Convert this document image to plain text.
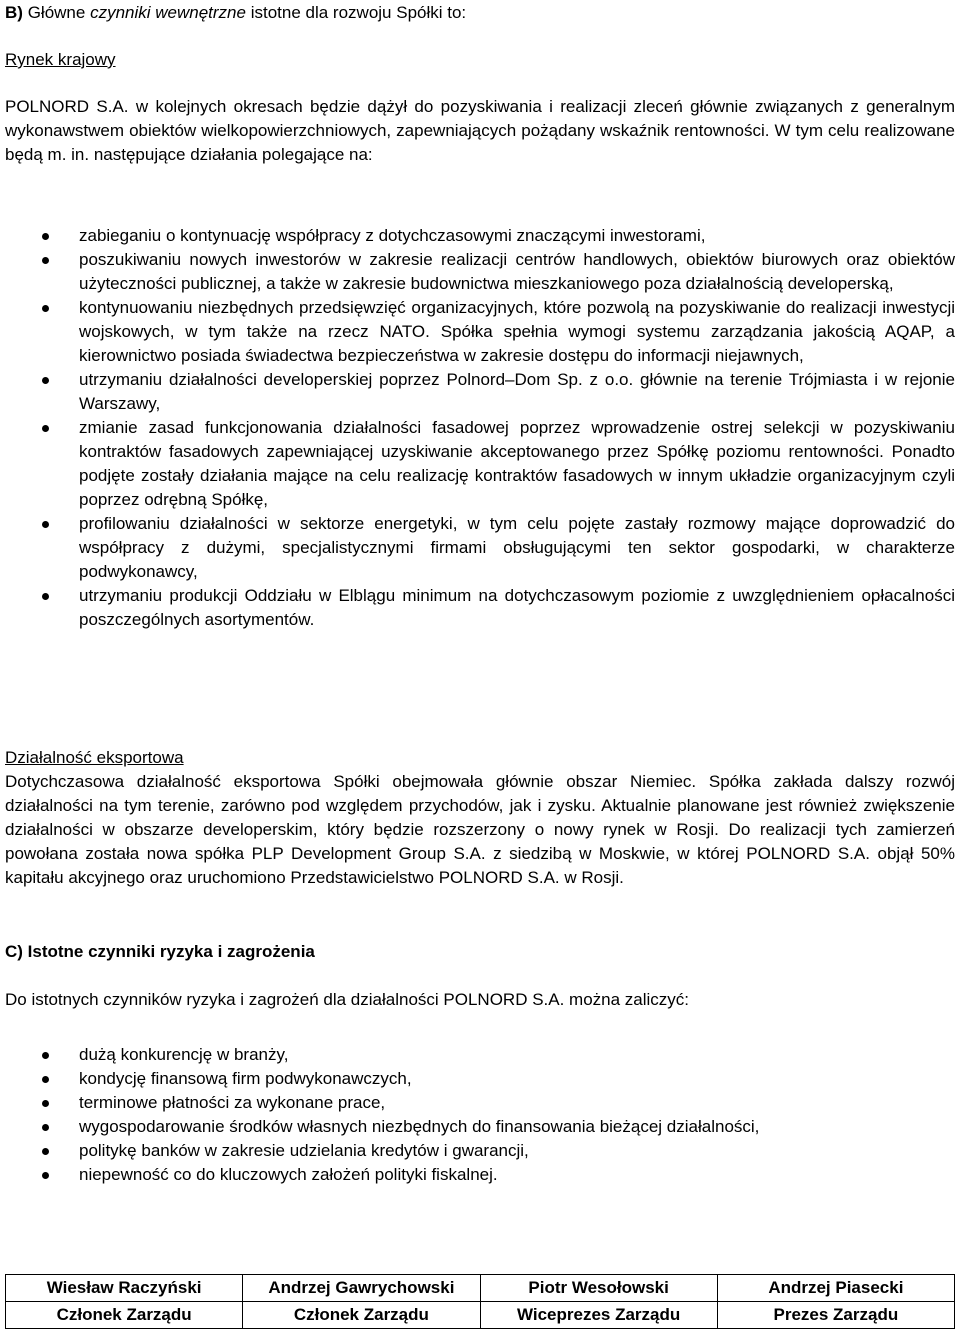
B) Główne czynniki wewnętrzne istotne dla rozwoju Spółki to:

Rynek krajowy

POLNORD S.A. w kolejnych okresach będzie dążył do pozyskiwania i realizacji zleceń głównie związanych z generalnym wykonawstwem obiektów wielkopowierzchniowych, zapewniających pożądany wskaźnik rentowności. W tym celu realizowane będą m. in. następujące działania polegające na:

zabieganiu o kontynuację współpracy z dotychczasowymi znaczącymi inwestorami,
poszukiwaniu nowych inwestorów w zakresie realizacji centrów handlowych, obiektów biurowych oraz obiektów użyteczności publicznej, a także w zakresie budownictwa mieszkaniowego poza działalnością developerską,
kontynuowaniu niezbędnych przedsięwzięć organizacyjnych, które pozwolą na pozyskiwanie do realizacji inwestycji wojskowych, w tym także na rzecz NATO. Spółka spełnia wymogi systemu zarządzania jakością AQAP, a kierownictwo posiada świadectwa bezpieczeństwa w zakresie dostępu do informacji niejawnych,
utrzymaniu działalności developerskiej poprzez Polnord–Dom Sp. z o.o. głównie na terenie Trójmiasta i w rejonie Warszawy,
zmianie zasad funkcjonowania działalności fasadowej poprzez wprowadzenie ostrej selekcji w pozyskiwaniu kontraktów fasadowych zapewniającej uzyskiwanie akceptowanego przez Spółkę poziomu rentowności. Ponadto podjęte zostały działania mające na celu realizację kontraktów fasadowych w innym układzie organizacyjnym czyli poprzez odrębną Spółkę,
profilowaniu działalności w sektorze energetyki, w tym celu pojęte zastały rozmowy mające doprowadzić do współpracy z dużymi, specjalistycznymi firmami obsługującymi ten sektor gospodarki, w charakterze podwykonawcy,
utrzymaniu produkcji Oddziału w Elblągu minimum na dotychczasowym poziomie z uwzględnieniem opłacalności poszczególnych asortymentów.

Działalność eksportowa

Dotychczasowa działalność eksportowa Spółki obejmowała głównie obszar Niemiec. Spółka zakłada dalszy rozwój działalności na tym terenie, zarówno pod względem przychodów, jak i zysku. Aktualnie planowane jest również zwiększenie działalności w obszarze developerskim, który będzie rozszerzony o nowy rynek w Rosji. Do realizacji tych zamierzeń powołana została nowa spółka PLP Development Group S.A. z siedzibą w Moskwie, w której POLNORD S.A. objął 50% kapitału akcyjnego oraz uruchomiono Przedstawicielstwo POLNORD S.A. w Rosji.

C) Istotne czynniki ryzyka i zagrożenia

Do istotnych czynników ryzyka i zagrożeń dla działalności POLNORD S.A. można zaliczyć:

dużą konkurencję w branży,
kondycję finansową firm podwykonawczych,
terminowe płatności za wykonane prace,
wygospodarowanie środków własnych niezbędnych do finansowania bieżącej działalności,
politykę banków w zakresie udzielania kredytów i gwarancji,
niepewność co do kluczowych założeń polityki fiskalnej.
Wiesław Raczyński	Andrzej Gawrychowski	Piotr Wesołowski	Andrzej Piasecki
Członek Zarządu	Członek Zarządu	Wiceprezes Zarządu	Prezes Zarządu
